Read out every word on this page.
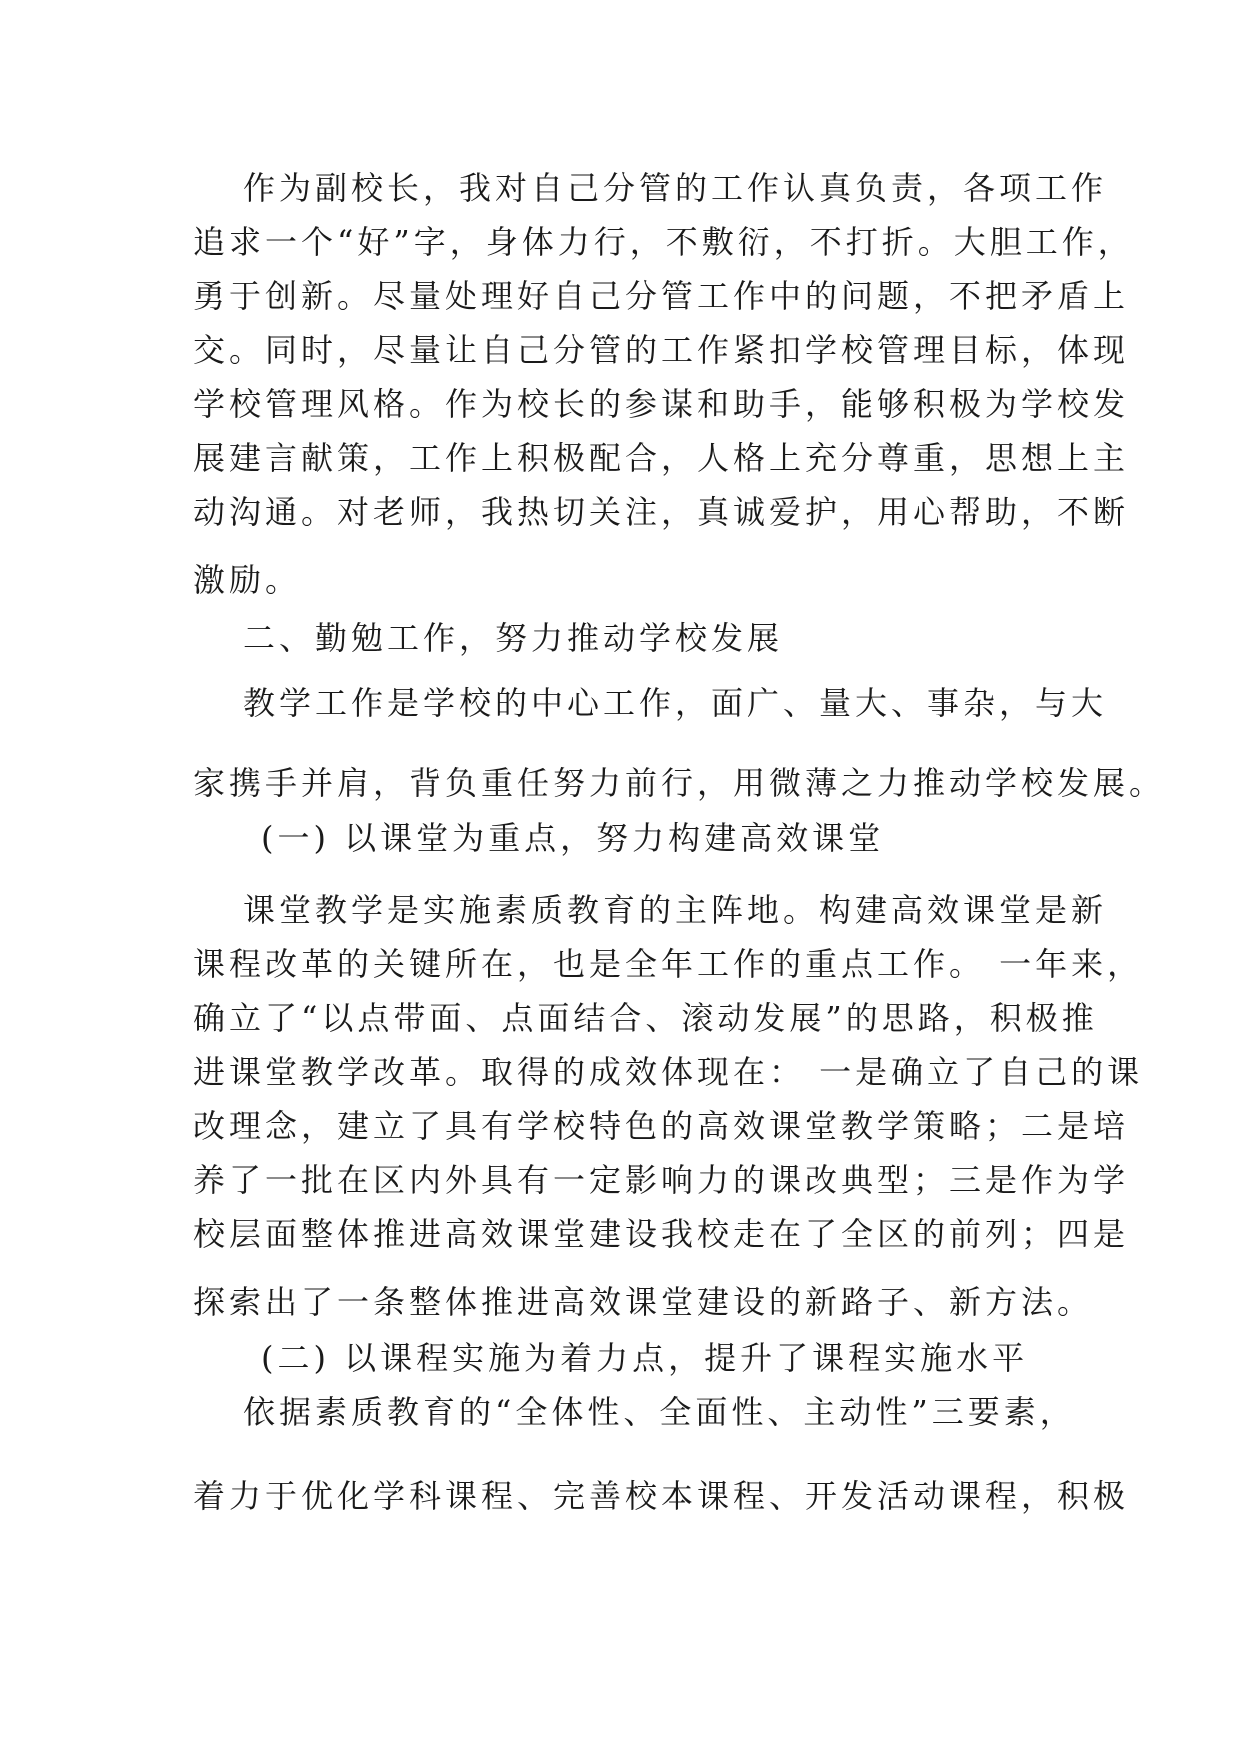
作为副校长，我对自己分管的工作认真负责，各项工作
追求一个“好”字，身体力行，不敷衍，不打折。大胆工作，
勇于创新。尽量处理好自己分管工作中的问题，不把矛盾上
交。同时，尽量让自己分管的工作紧扣学校管理目标，体现
学校管理风格。作为校长的参谋和助手，能够积极为学校发
展建言献策，工作上积极配合，人格上充分尊重，思想上主
动沟通。对老师，我热切关注，真诚爱护，用心帮助，不断
激励。
二、勤勉工作，努力推动学校发展
教学工作是学校的中心工作，面广、量大、事杂，与大
家携手并肩，背负重任努力前行，用微薄之力推动学校发展。
(一) 以课堂为重点，努力构建高效课堂
课堂教学是实施素质教育的主阵地。构建高效课堂是新
课程改革的关键所在，也是全年工作的重点工作。 一年来，
确立了“以点带面、点面结合、滚动发展”的思路，积极推
进课堂教学改革。取得的成效体现在： 一是确立了自己的课
改理念，建立了具有学校特色的高效课堂教学策略；二是培
养了一批在区内外具有一定影响力的课改典型；三是作为学
校层面整体推进高效课堂建设我校走在了全区的前列；四是
探索出了一条整体推进高效课堂建设的新路子、新方法。
(二) 以课程实施为着力点，提升了课程实施水平
依据素质教育的“全体性、全面性、主动性”三要素，
着力于优化学科课程、完善校本课程、开发活动课程，积极
